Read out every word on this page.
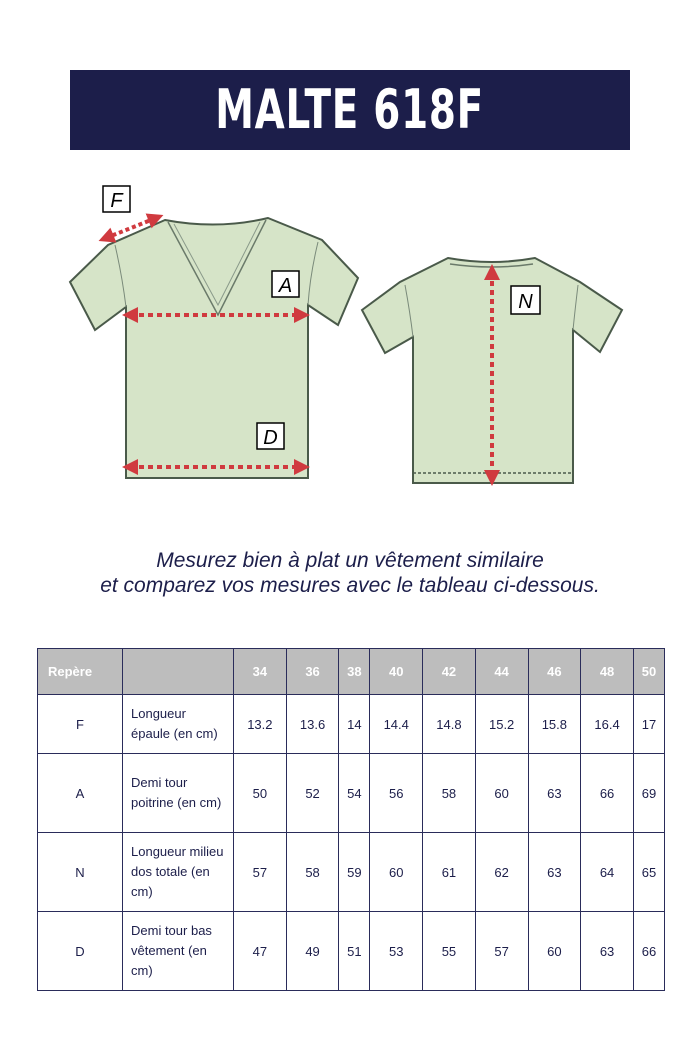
MALTE 618F
F
A
D
N
Mesurez bien à plat un vêtement similaire
et comparez vos mesures avec le tableau ci-dessous.
Repère		34	36	38	40	42	44	46	48	50
F	Longueur épaule (en cm)	13.2	13.6	14	14.4	14.8	15.2	15.8	16.4	17
A	Demi tour poitrine (en cm)	50	52	54	56	58	60	63	66	69
N	Longueur milieu dos totale (en cm)	57	58	59	60	61	62	63	64	65
D	Demi tour bas vêtement (en cm)	47	49	51	53	55	57	60	63	66
